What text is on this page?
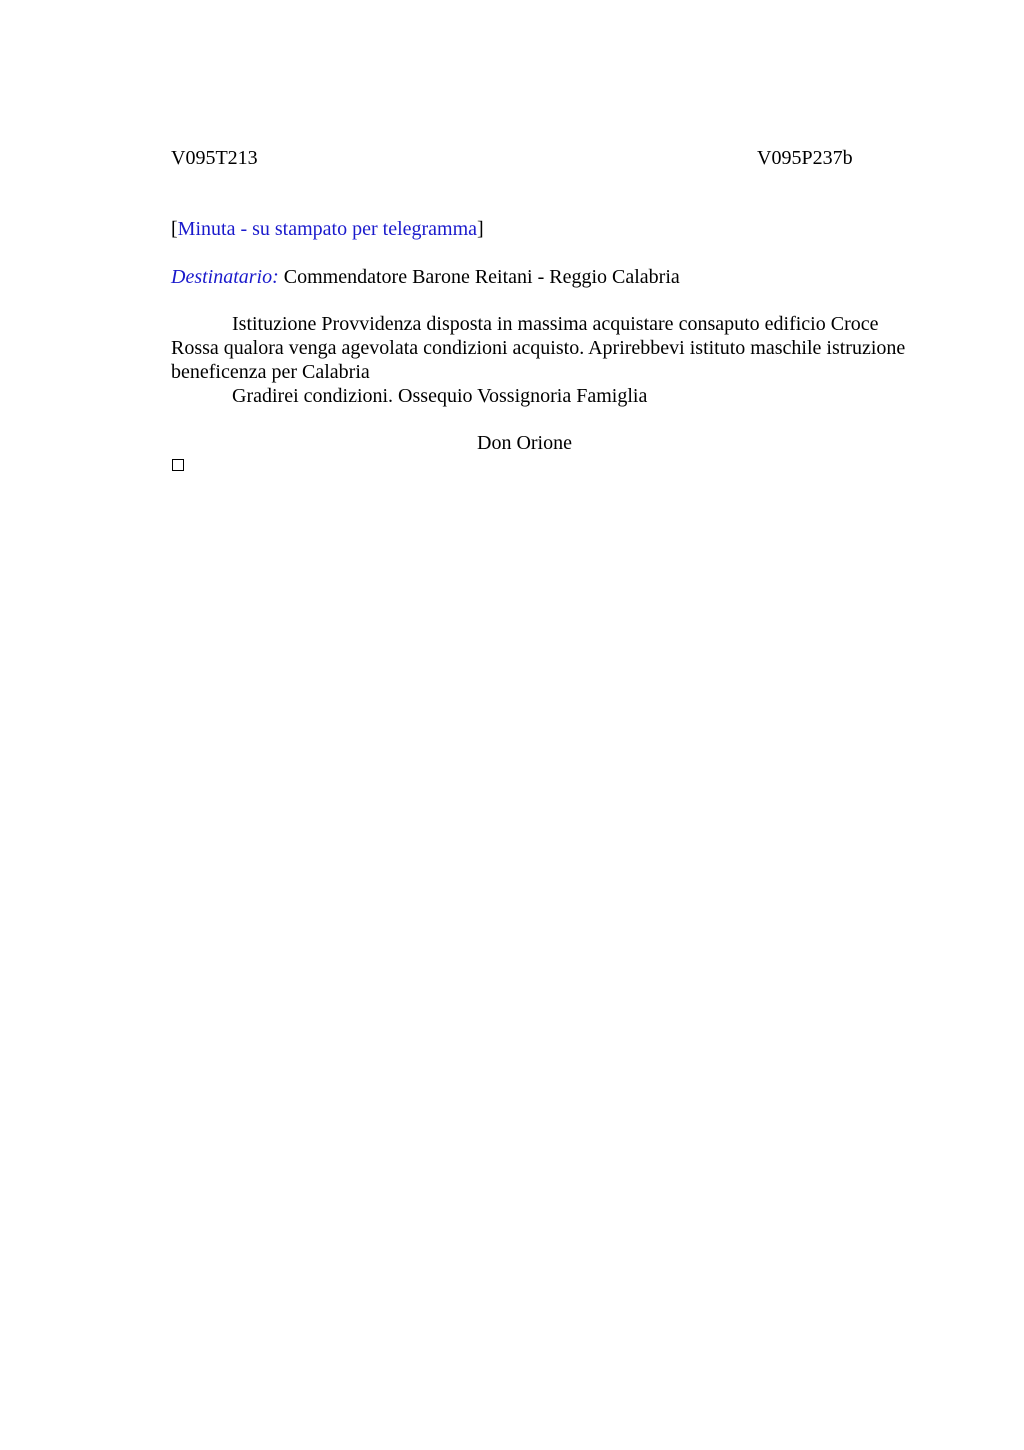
V095T213	V095P237b
[Minuta - su stampato per telegramma]
Destinatario: Commendatore Barone Reitani - Reggio Calabria

Istituzione Provvidenza disposta in massima acquistare consaputo edificio Croce Rossa qualora venga agevolata condizioni acquisto. Aprirebbevi istituto maschile istruzione beneficenza per Calabria

Gradirei condizioni. Ossequio Vossignoria Famiglia

Don Orione
